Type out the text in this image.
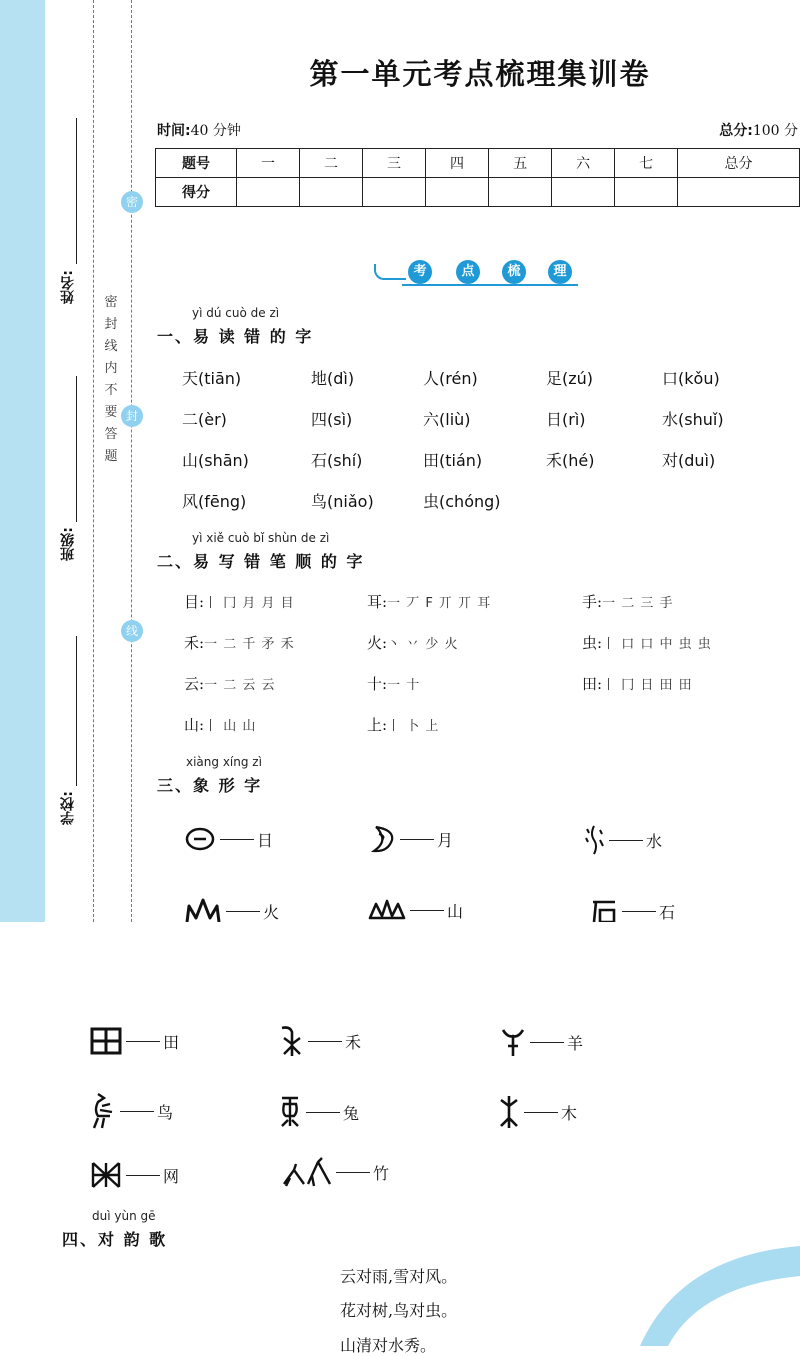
密
封
线
密封线内不要答题
姓名:
班级:
学校:
第一单元考点梳理集训卷
时间:40 分钟	总分:100 分
题号	一	二	三	四	五	六	七	总分
得分								
考	点	梳	理
yì dú cuò de zì
一、易 读 错 的 字
天(tiān)	地(dì)	人(rén)	足(zú)	口(kǒu)
二(èr)	四(sì)	六(liù)	日(rì)	水(shuǐ)
山(shān)	石(shí)	田(tián)	禾(hé)	对(duì)
风(fēng)	鸟(niǎo)	虫(chóng)
yì xiě cuò bǐ shùn de zì
二、易 写 错 笔 顺 的 字
目:丨 冂 月 月 目	耳:一 丆 F 丌 丌 耳	手:一 二 三 手
禾:一 二 千 矛 禾	火:丶 丷 少 火	虫:丨 口 口 中 虫 虫
云:一 二 云 云	十:一 十	田:丨 冂 日 田 田
山:丨 山 山	上:丨 卜 上
xiàng xíng zì
三、象 形 字
日	月	水
火	山	石
田	禾	羊
鸟	兔	木
网	竹
duì yùn gē
四、对 韵 歌
云对雨,雪对风。
花对树,鸟对虫。
山清对水秀。
